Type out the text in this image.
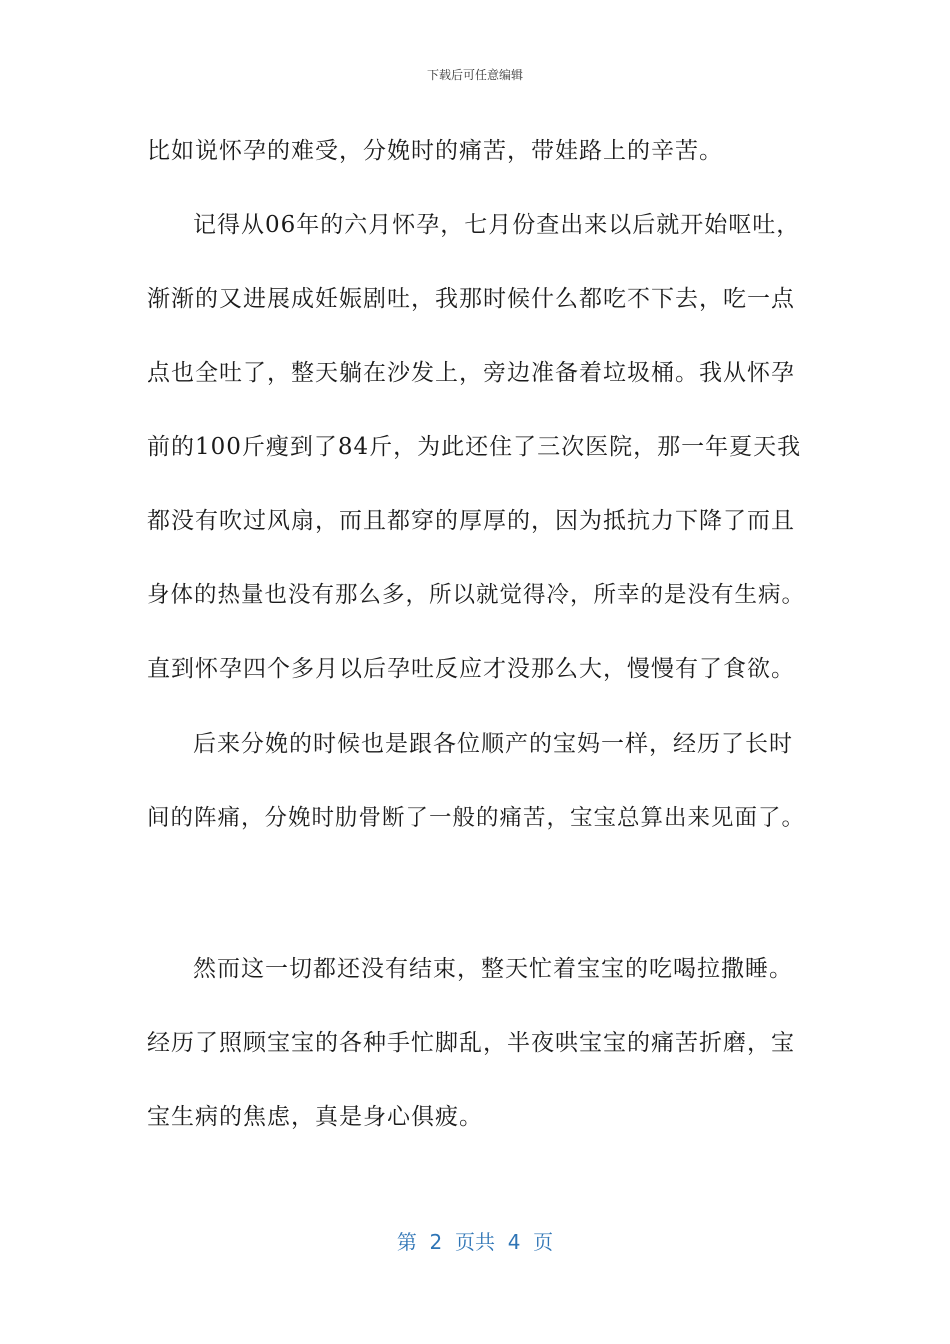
下载后可任意编辑
比如说怀孕的难受，分娩时的痛苦，带娃路上的辛苦。
记得从06年的六月怀孕，七月份查出来以后就开始呕吐，
渐渐的又进展成妊娠剧吐，我那时候什么都吃不下去，吃一点
点也全吐了，整天躺在沙发上，旁边准备着垃圾桶。我从怀孕
前的100斤瘦到了84斤，为此还住了三次医院，那一年夏天我
都没有吹过风扇，而且都穿的厚厚的，因为抵抗力下降了而且
身体的热量也没有那么多，所以就觉得冷，所幸的是没有生病。
直到怀孕四个多月以后孕吐反应才没那么大，慢慢有了食欲。
后来分娩的时候也是跟各位顺产的宝妈一样，经历了长时
间的阵痛，分娩时肋骨断了一般的痛苦，宝宝总算出来见面了。
然而这一切都还没有结束，整天忙着宝宝的吃喝拉撒睡。
经历了照顾宝宝的各种手忙脚乱，半夜哄宝宝的痛苦折磨，宝
宝生病的焦虑，真是身心俱疲。
第  2  页共  4  页
